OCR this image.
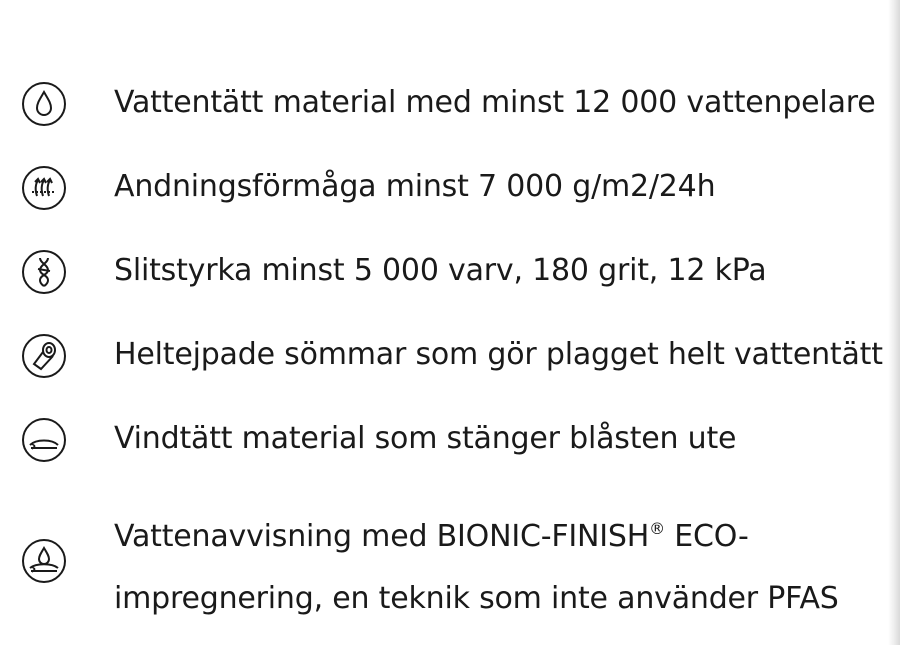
Vattentätt material med minst 12 000 vattenpelare
Andningsförmåga minst 7 000 g/m2/24h
Slitstyrka minst 5 000 varv, 180 grit, 12 kPa
Heltejpade sömmar som gör plagget helt vattentätt
Vindtätt material som stänger blåsten ute
Vattenavvisning med BIONIC-FINISH® ECO-
impregnering, en teknik som inte använder PFAS
